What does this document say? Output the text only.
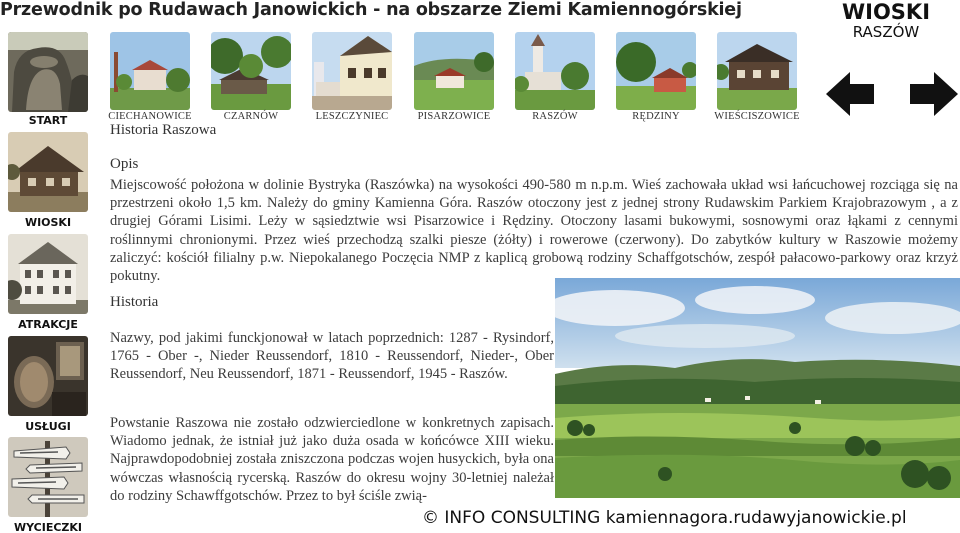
Przewodnik po Rudawach Janowickich - na obszarze Ziemi Kamiennogórskiej	WIOSKI
RASZÓW
START
WIOSKI
ATRAKCJE
USŁUGI
WYCIECZKI
CIECHANOWICE	CZARNÓW	LESZCZYNIEC	PISARZOWICE	RASZÓW	RĘDZINY	WIEŚCISZOWICE
Historia Raszowa
Opis
Miejscowość położona w dolinie Bystryka (Raszówka) na wysokości 490-580 m n.p.m. Wieś zachowała układ wsi łańcuchowej rozciąga się na przestrzeni około 1,5 km. Należy do gminy Kamienna Góra. Raszów otoczony jest z jednej strony Rudawskim Parkiem Krajobrazowym , a z drugiej Górami Lisimi. Leży w sąsiedztwie wsi Pisarzowice i Rędziny. Otoczony lasami bukowymi, sosnowymi oraz łąkami z cennymi roślinnymi chronionymi. Przez wieś przechodzą szalki piesze (żółty) i rowerowe (czerwony). Do zabytków kultury w Raszowie możemy zaliczyć: kościół filialny p.w. Niepokalanego Poczęcia NMP z kaplicą grobową rodziny Schaffgotschów, zespół pałacowo-parkowy oraz krzyż pokutny.
Historia
Nazwy, pod jakimi funckjonował w latach poprzednich: 1287 - Rysindorf, 1765 - Ober -, Nieder Reussendorf, 1810 - Reussendorf, Nieder-, Ober Reussendorf, Neu Reussendorf, 1871 - Reussendorf, 1945 - Raszów.
Powstanie Raszowa nie zostało odzwierciedlone w konkretnych zapisach. Wiadomo jednak, że istniał już jako duża osada w końcówce XIII wieku. Najprawdopodobniej została zniszczona podczas wojen husyckich, była ona wówczas własnością rycerską. Raszów do okresu wojny 30-letniej należał do rodziny Schawffgotschów. Przez to był ściśle zwią-
© INFO CONSULTING kamiennagora.rudawyjanowickie.pl
